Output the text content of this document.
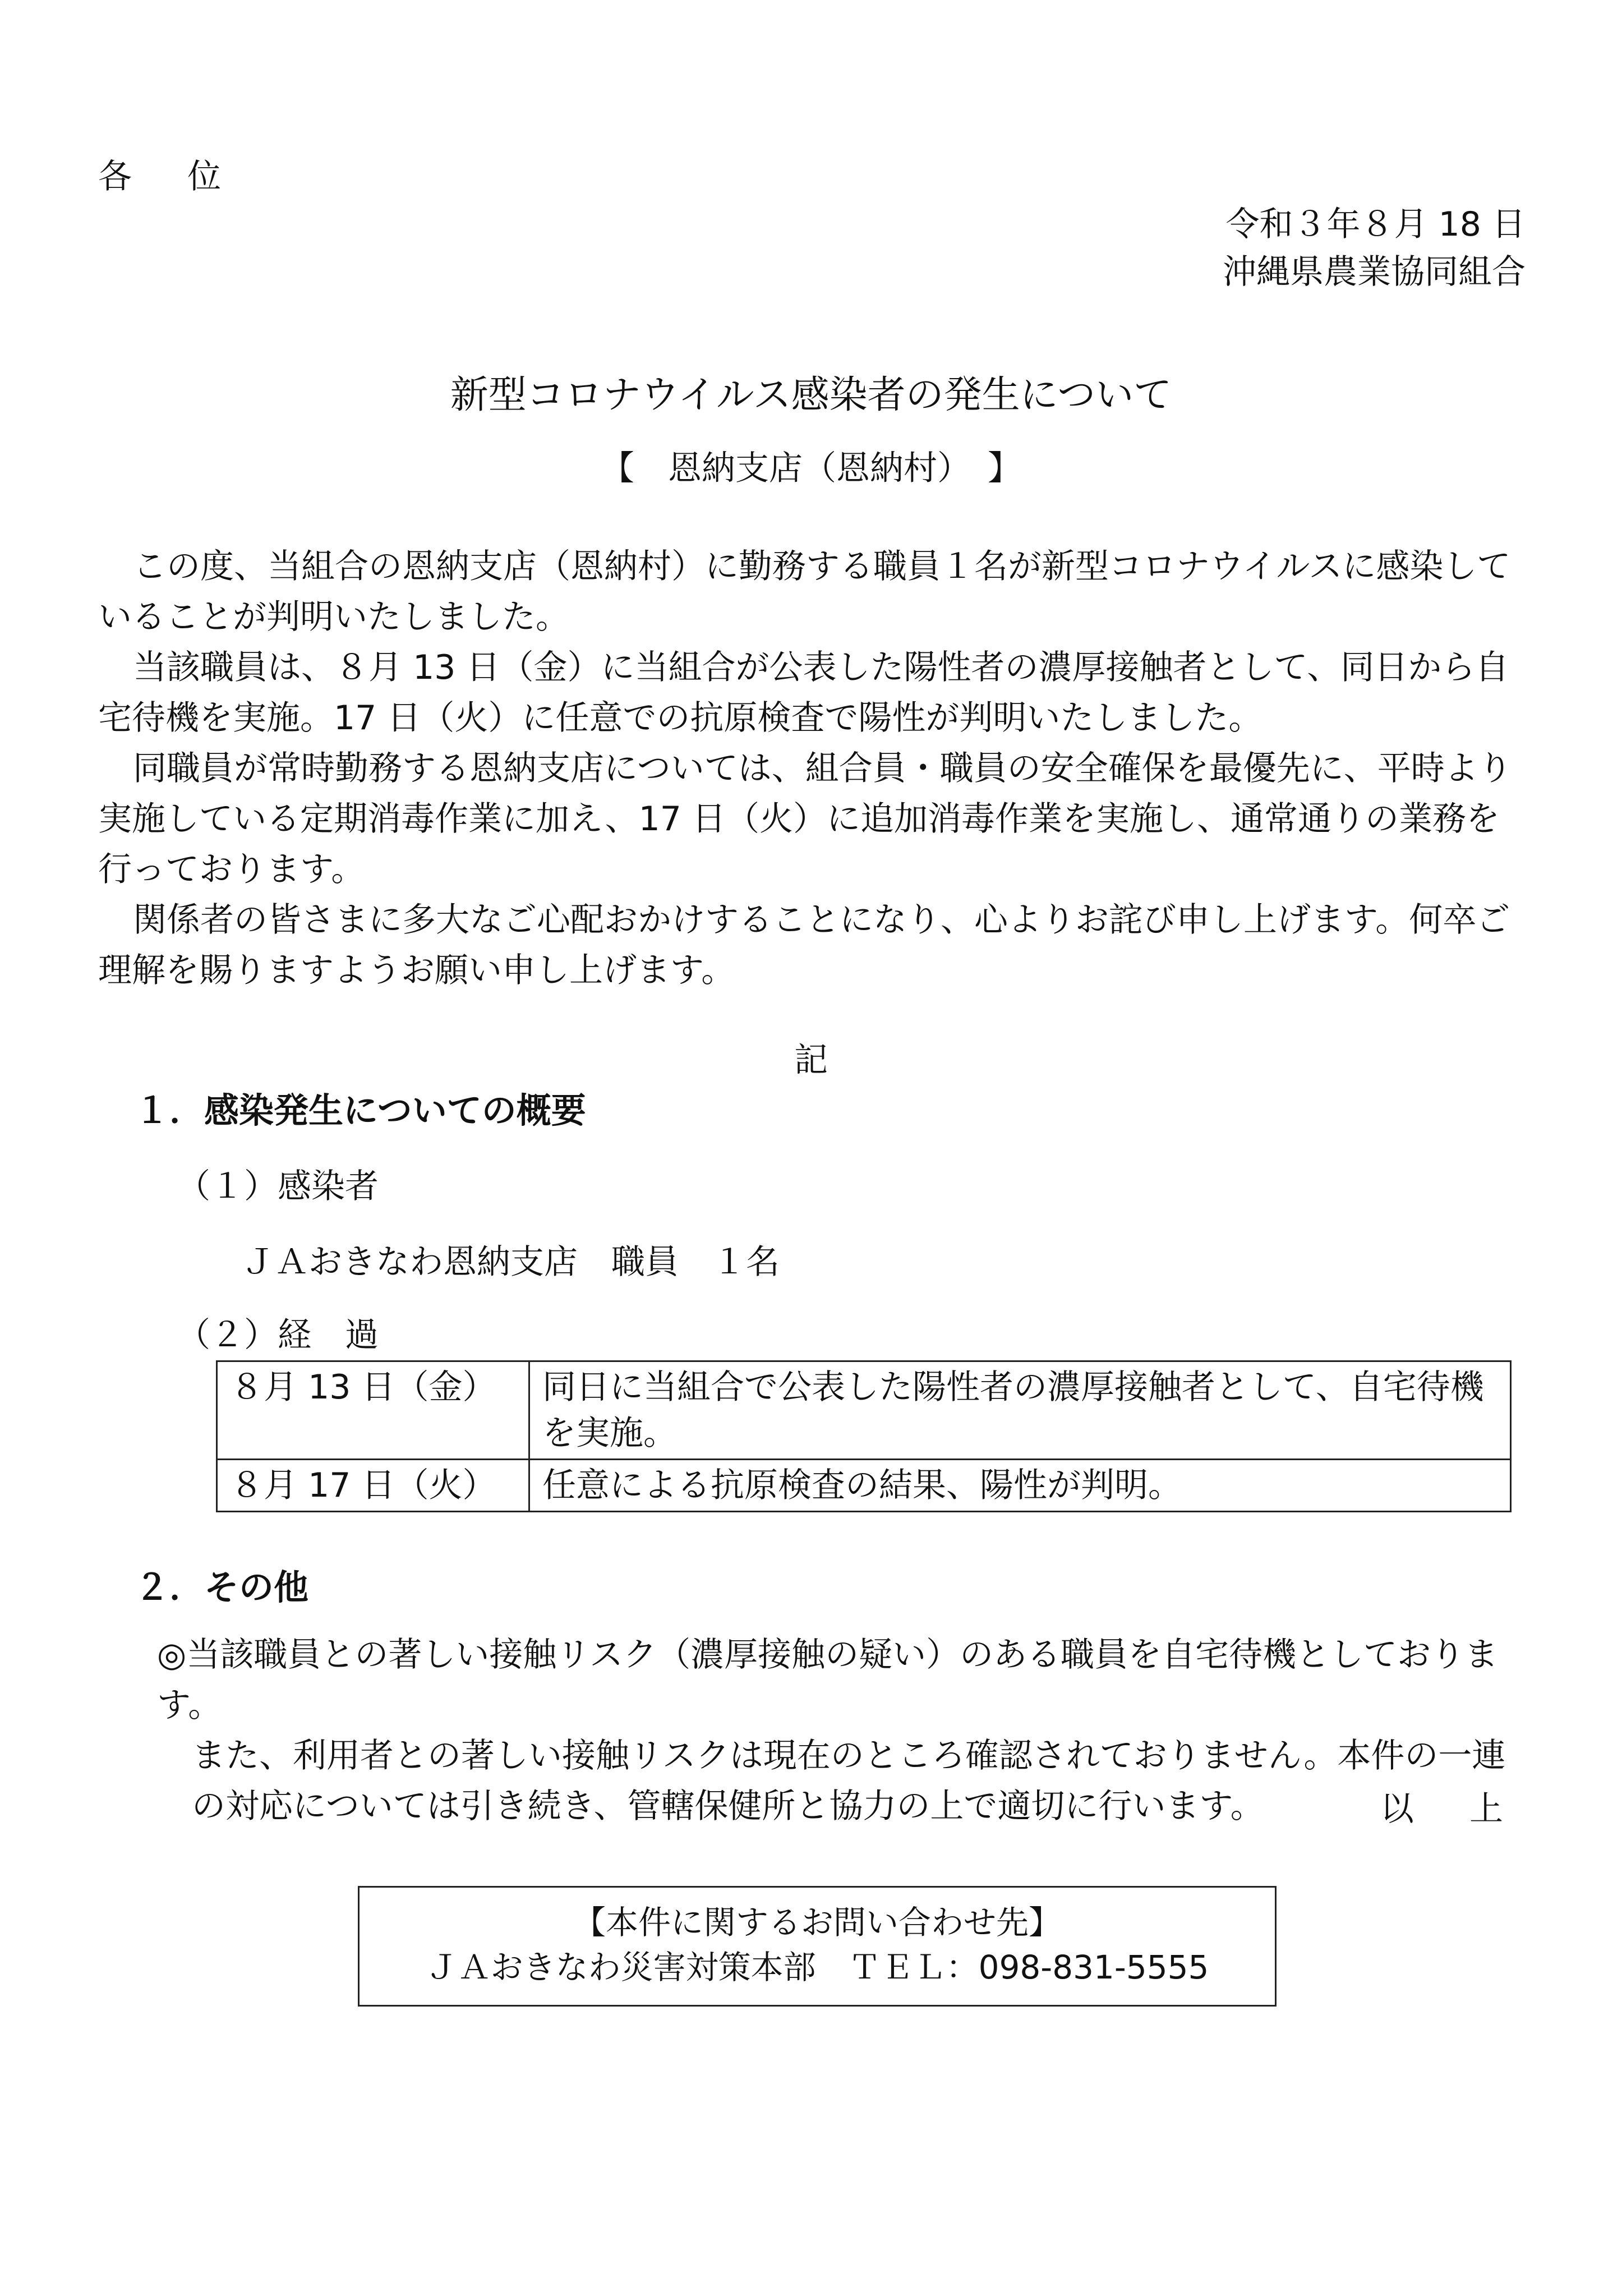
各 位
令和３年８月 18 日
沖縄県農業協同組合
新型コロナウイルス感染者の発生について
【　恩納支店（恩納村）　】

この度、当組合の恩納支店（恩納村）に勤務する職員１名が新型コロナウイルスに感染していることが判明いたしました。

当該職員は、８月 13 日（金）に当組合が公表した陽性者の濃厚接触者として、同日から自宅待機を実施。17 日（火）に任意での抗原検査で陽性が判明いたしました。

同職員が常時勤務する恩納支店については、組合員・職員の安全確保を最優先に、平時より実施している定期消毒作業に加え、17 日（火）に追加消毒作業を実施し、通常通りの業務を行っております。

関係者の皆さまに多大なご心配おかけすることになり、心よりお詫び申し上げます。何卒ご理解を賜りますようお願い申し上げます。

記
１．感染発生についての概要
（１）感染者
ＪＡおきなわ恩納支店　職員　１名
（２）経　過
８月 13 日（金）	同日に当組合で公表した陽性者の濃厚接触者として、自宅待機を実施。
８月 17 日（火）	任意による抗原検査の結果、陽性が判明。
２．その他
◎当該職員との著しい接触リスク（濃厚接触の疑い）のある職員を自宅待機としております。
また、利用者との著しい接触リスクは現在のところ確認されておりません。本件の一連の対応については引き続き、管轄保健所と協力の上で適切に行います。	以 上
【本件に関するお問い合わせ先】
ＪＡおきなわ災害対策本部　ＴＥＬ：098-831-5555
